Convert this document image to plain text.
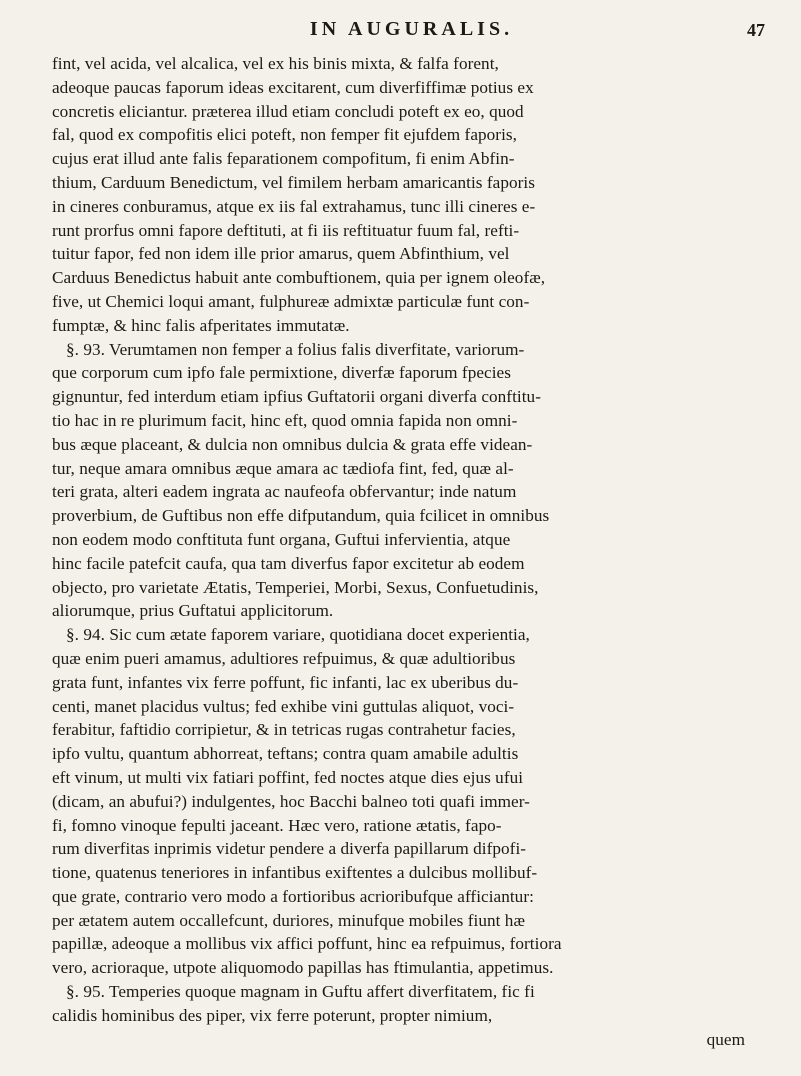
IN AUGURALIS.	47
fint, vel acida, vel alcalica, vel ex his binis mixta, & falfa forent,
adeoque paucas faporum ideas excitarent, cum diverfiffimæ potius ex
concretis eliciantur. præterea illud etiam concludi poteft ex eo, quod
fal, quod ex compofitis elici poteft, non femper fit ejufdem faporis,
cujus erat illud ante falis feparationem compofitum, fi enim Abfin-
thium, Carduum Benedictum, vel fimilem herbam amaricantis faporis
in cineres conburamus, atque ex iis fal extrahamus, tunc illi cineres e-
runt prorfus omni fapore deftituti, at fi iis reftituatur fuum fal, refti-
tuitur fapor, fed non idem ille prior amarus, quem Abfinthium, vel
Carduus Benedictus habuit ante combuftionem, quia per ignem oleofæ,
five, ut Chemici loqui amant, fulphureæ admixtæ particulæ funt con-
fumptæ, & hinc falis afperitates immutatæ.
§. 93. Verumtamen non femper a folius falis diverfitate, variorum-
que corporum cum ipfo fale permixtione, diverfæ faporum fpecies
gignuntur, fed interdum etiam ipfius Guftatorii organi diverfa conftitu-
tio hac in re plurimum facit, hinc eft, quod omnia fapida non omni-
bus æque placeant, & dulcia non omnibus dulcia & grata effe videan-
tur, neque amara omnibus æque amara ac tædiofa fint, fed, quæ al-
teri grata, alteri eadem ingrata ac naufeofa obfervantur; inde natum
proverbium, de Guftibus non effe difputandum, quia fcilicet in omnibus
non eodem modo conftituta funt organa, Guftui infervientia, atque
hinc facile patefcit caufa, qua tam diverfus fapor excitetur ab eodem
objecto, pro varietate Ætatis, Temperiei, Morbi, Sexus, Confuetudinis,
aliorumque, prius Guftatui applicitorum.
§. 94. Sic cum ætate faporem variare, quotidiana docet experientia,
quæ enim pueri amamus, adultiores refpuimus, & quæ adultioribus
grata funt, infantes vix ferre poffunt, fic infanti, lac ex uberibus du-
centi, manet placidus vultus; fed exhibe vini guttulas aliquot, voci-
ferabitur, faftidio corripietur, & in tetricas rugas contrahetur facies,
ipfo vultu, quantum abhorreat, teftans; contra quam amabile adultis
eft vinum, ut multi vix fatiari poffint, fed noctes atque dies ejus ufui
(dicam, an abufui?) indulgentes, hoc Bacchi balneo toti quafi immer-
fi, fomno vinoque fepulti jaceant. Hæc vero, ratione ætatis, fapo-
rum diverfitas inprimis videtur pendere a diverfa papillarum difpofi-
tione, quatenus teneriores in infantibus exiftentes a dulcibus mollibuf-
que grate, contrario vero modo a fortioribus acrioribufque afficiantur:
per ætatem autem occallefcunt, duriores, minufque mobiles fiunt hæ
papillæ, adeoque a mollibus vix affici poffunt, hinc ea refpuimus, fortiora
vero, acrioraque, utpote aliquomodo papillas has ftimulantia, appetimus.
§. 95. Temperies quoque magnam in Guftu affert diverfitatem, fic fi
calidis hominibus des piper, vix ferre poterunt, propter nimium,
quem
